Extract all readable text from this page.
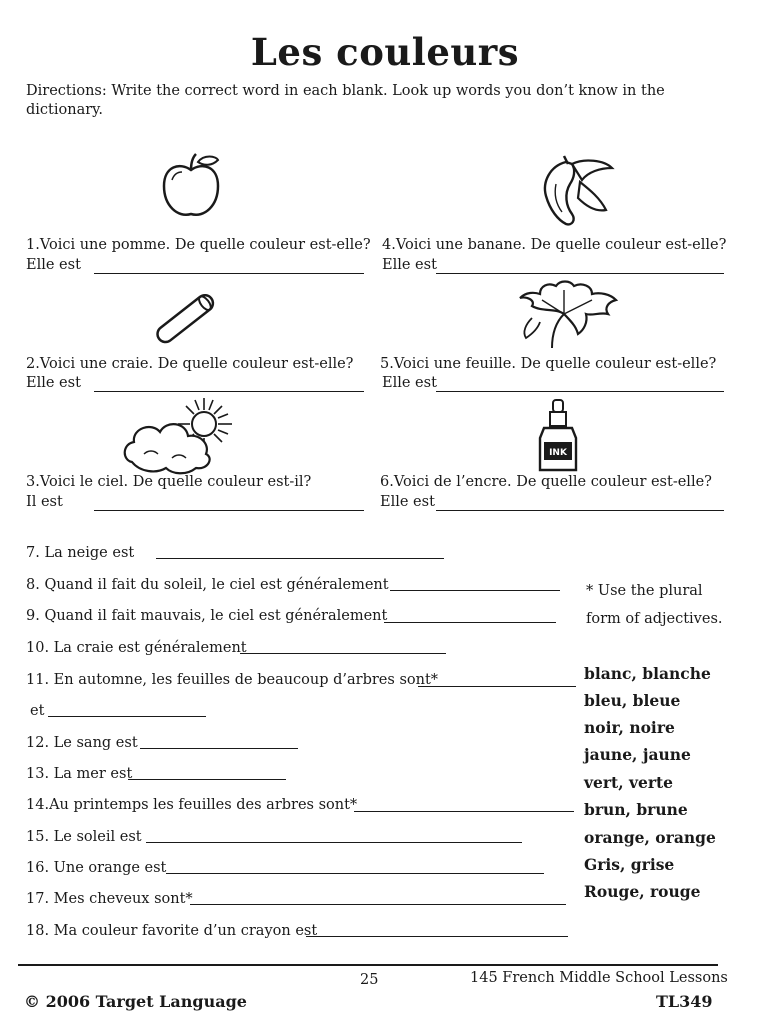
Les couleurs
Directions: Write the correct word in each blank. Look up words you don’t know in the dictionary.
INK
1.Voici une pomme. De quelle couleur est-elle?
Elle est
2.Voici une craie. De quelle couleur est-elle?
Elle est
3.Voici le ciel. De quelle couleur est-il?
Il est
4.Voici une banane. De quelle couleur est-elle?
Elle est
5.Voici une feuille. De quelle couleur est-elle?
Elle est
6.Voici de l’encre. De quelle couleur est-elle?
Elle est
7. La neige est
8. Quand il fait du soleil, le ciel est généralement
9. Quand il fait mauvais, le ciel est généralement
10. La craie est généralement
11. En automne, les feuilles de beaucoup d’arbres sont*
et
12. Le sang est
13. La mer est
14.Au printemps les feuilles des arbres sont*
15. Le soleil est
16. Une orange est
17. Mes cheveux sont*
18. Ma couleur favorite d’un crayon est
* Use the plural
form of adjectives.
blanc, blanche
bleu, bleue
noir, noire
jaune, jaune
vert, verte
brun, brune
orange, orange
Gris, grise
Rouge, rouge
25	145 French Middle School Lessons
© 2006 Target Language	TL349
